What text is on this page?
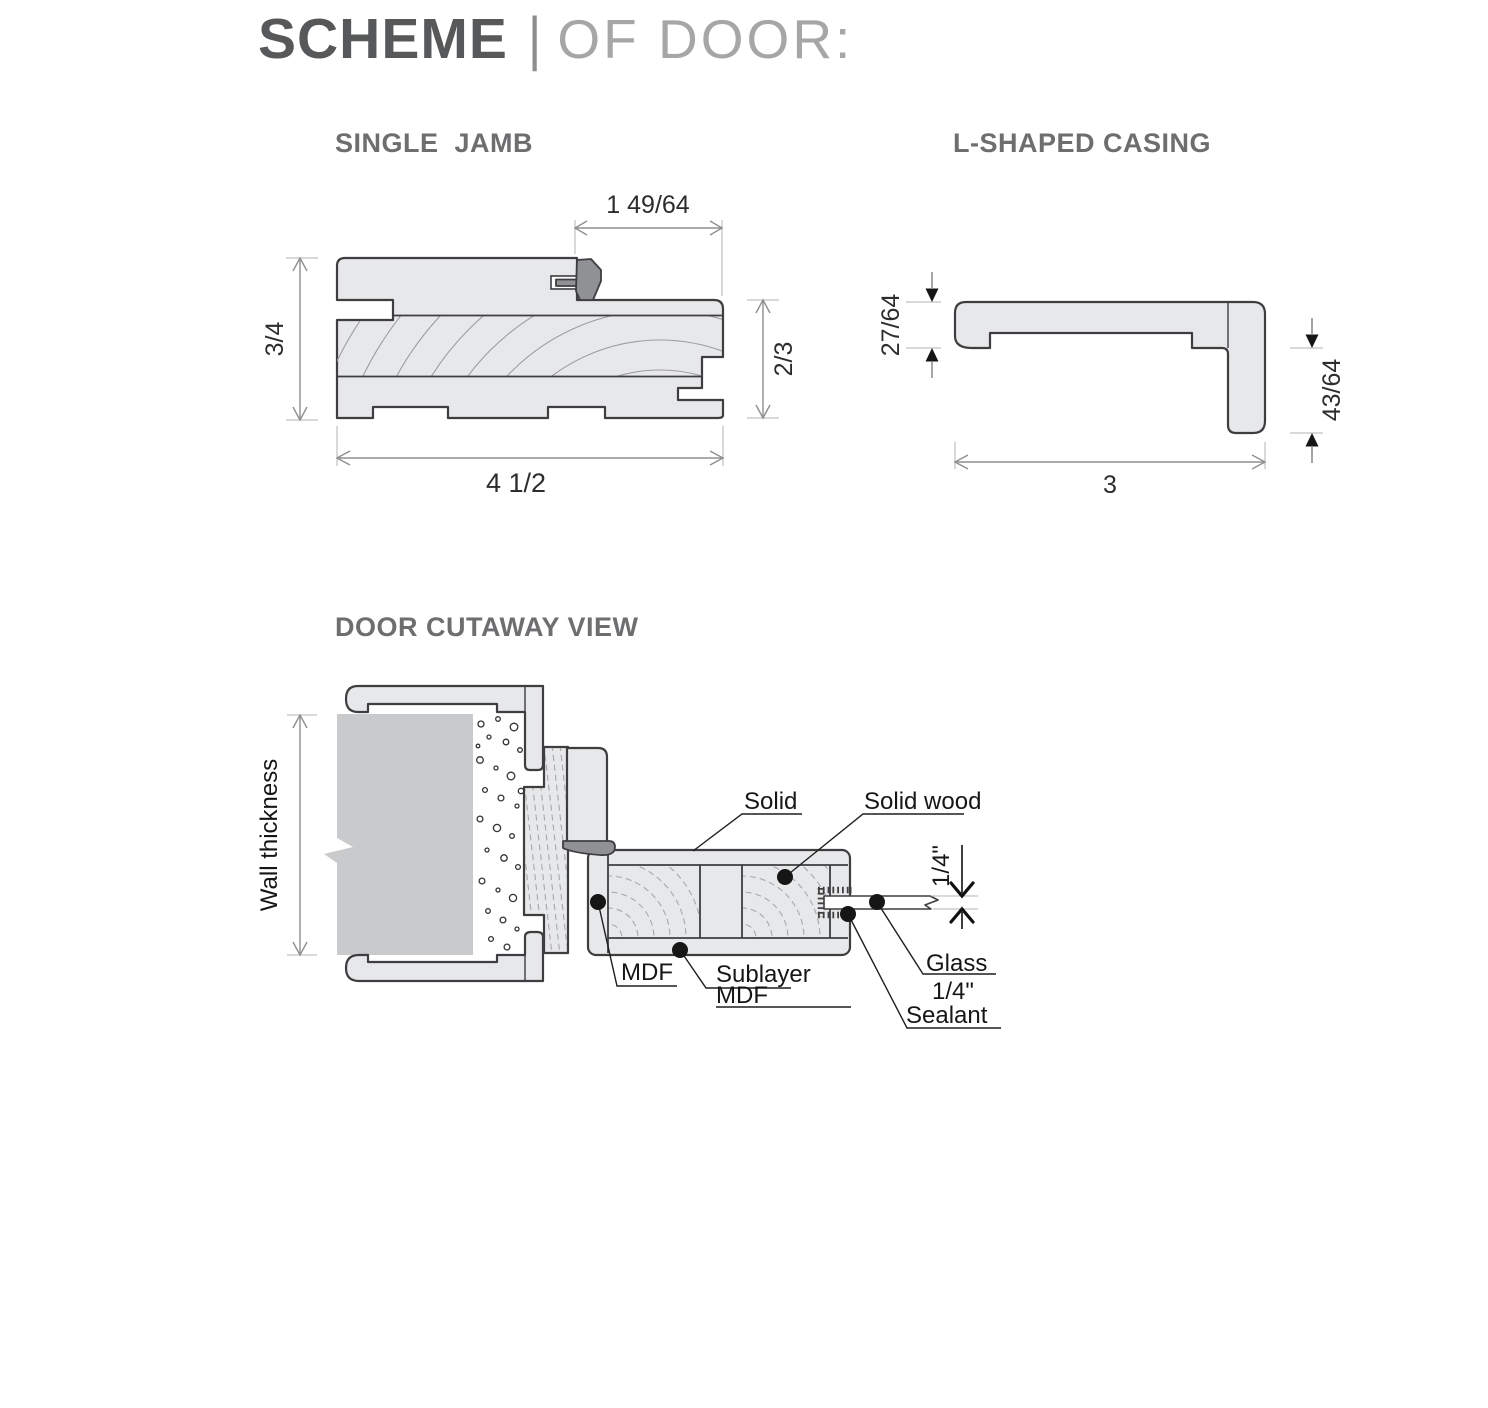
SCHEME | OF DOOR:
SINGLE  JAMB	L-SHAPED CASING
DOOR CUTAWAY VIEW
1 49/64
3/4
2/3
4 1/2
27/64
43/64
3
Wall thickness	1/4"
Solid	Solid wood
MDF Sublayer
MDF
Glass
1/4"
Sealant
